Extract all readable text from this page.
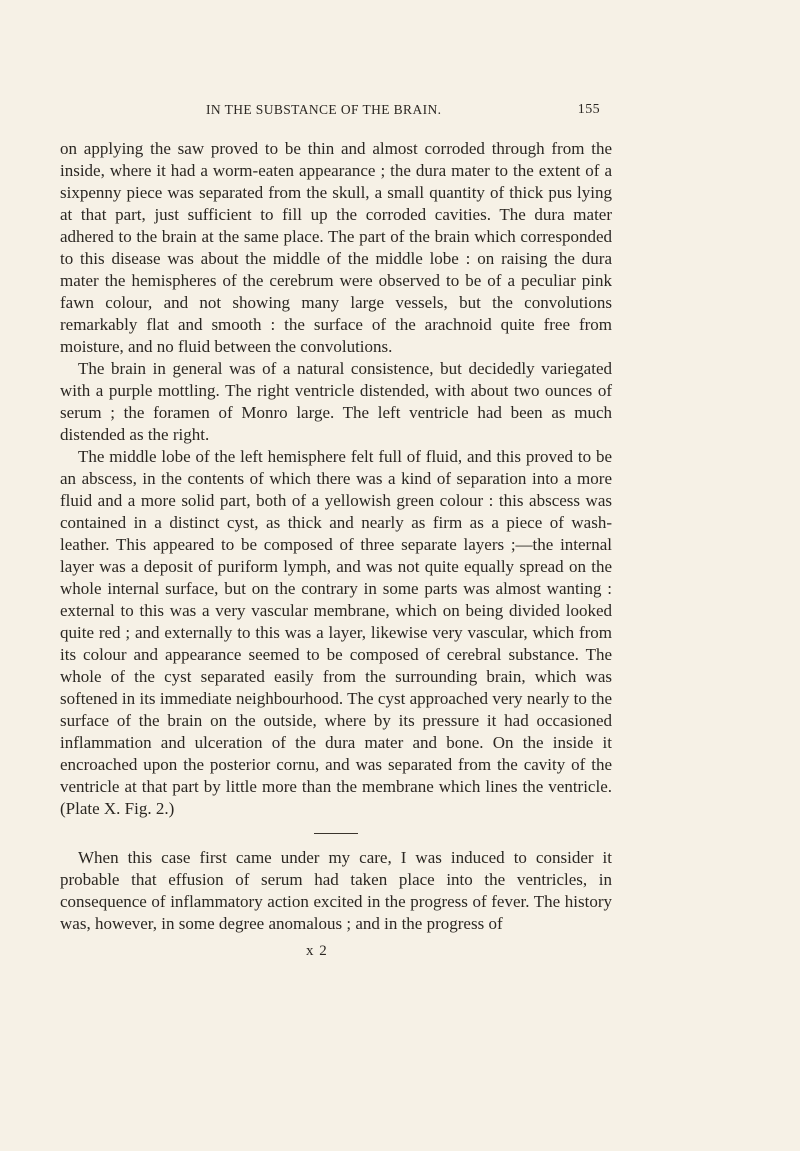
IN THE SUBSTANCE OF THE BRAIN.	155

on applying the saw proved to be thin and almost corroded through from the inside, where it had a worm-eaten appearance ; the dura mater to the extent of a sixpenny piece was separated from the skull, a small quantity of thick pus lying at that part, just sufficient to fill up the corroded cavities. The dura mater adhered to the brain at the same place. The part of the brain which corresponded to this disease was about the middle of the middle lobe : on raising the dura mater the hemispheres of the cerebrum were observed to be of a peculiar pink fawn colour, and not showing many large vessels, but the convolutions remarkably flat and smooth : the surface of the arachnoid quite free from moisture, and no fluid between the convolutions.

The brain in general was of a natural consistence, but decidedly variegated with a purple mottling. The right ventricle distended, with about two ounces of serum ; the foramen of Monro large. The left ventricle had been as much distended as the right.

The middle lobe of the left hemisphere felt full of fluid, and this proved to be an abscess, in the contents of which there was a kind of separation into a more fluid and a more solid part, both of a yellowish green colour : this abscess was contained in a distinct cyst, as thick and nearly as firm as a piece of wash-leather. This appeared to be composed of three separate layers ;—the internal layer was a deposit of puriform lymph, and was not quite equally spread on the whole internal surface, but on the contrary in some parts was almost wanting : external to this was a very vascular membrane, which on being divided looked quite red ; and externally to this was a layer, likewise very vascular, which from its colour and appearance seemed to be composed of cerebral substance. The whole of the cyst separated easily from the surrounding brain, which was softened in its immediate neighbourhood. The cyst approached very nearly to the surface of the brain on the outside, where by its pressure it had occasioned inflammation and ulceration of the dura mater and bone. On the inside it encroached upon the posterior cornu, and was separated from the cavity of the ventricle at that part by little more than the membrane which lines the ventricle. (Plate X. Fig. 2.)

When this case first came under my care, I was induced to consider it probable that effusion of serum had taken place into the ventricles, in consequence of inflammatory action excited in the progress of fever. The history was, however, in some degree anomalous ; and in the progress of

x 2
